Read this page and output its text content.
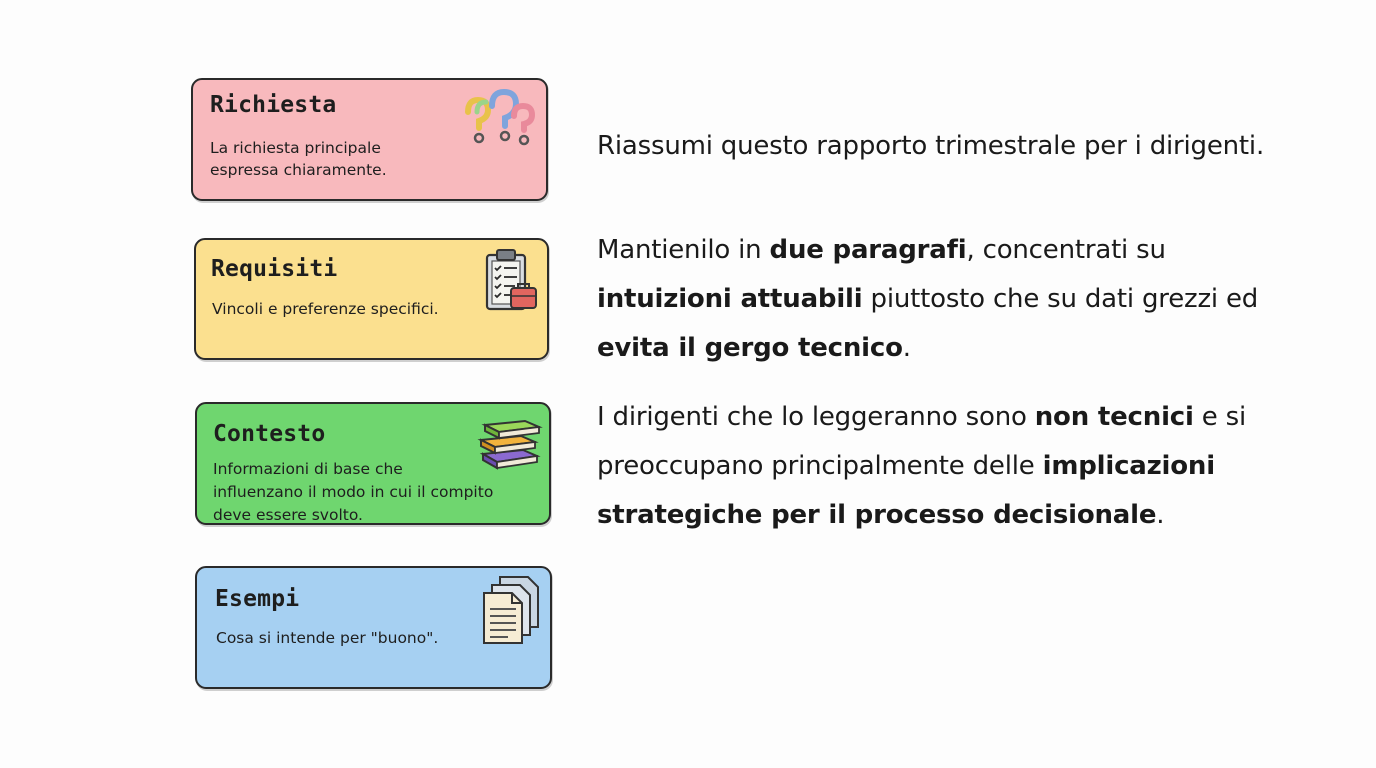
Richiesta
La richiesta principale
espressa chiaramente.
Requisiti
Vincoli e preferenze specifici.
Contesto
Informazioni di base che
influenzano il modo in cui il compito
deve essere svolto.
Esempi
Cosa si intende per "buono".
Riassumi questo rapporto trimestrale per i dirigenti.
Mantienilo in due paragrafi, concentrati su
intuizioni attuabili piuttosto che su dati grezzi ed
evita il gergo tecnico.
I dirigenti che lo leggeranno sono non tecnici e si
preoccupano principalmente delle implicazioni
strategiche per il processo decisionale.
